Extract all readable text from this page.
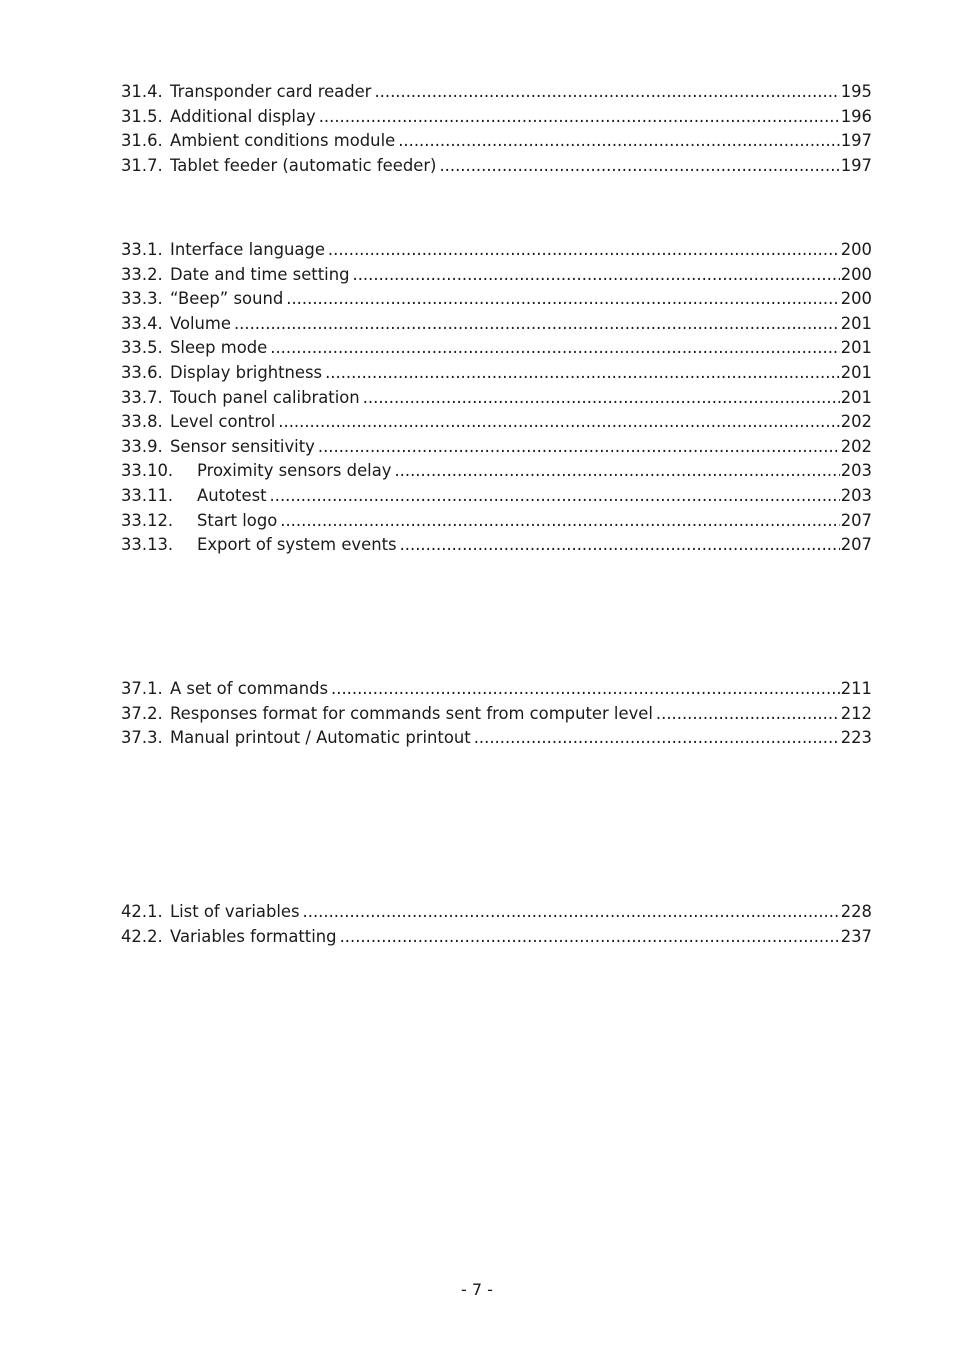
31.4. Transponder card reader .....	195
31.5. Additional display .....	196
31.6. Ambient conditions module .....	197
31.7. Tablet feeder (automatic feeder) .....	197
33.1. Interface language .....	200
33.2. Date and time setting .....	200
33.3. “Beep” sound .....	200
33.4. Volume .....	201
33.5. Sleep mode .....	201
33.6. Display brightness .....	201
33.7. Touch panel calibration .....	201
33.8. Level control .....	202
33.9. Sensor sensitivity .....	202
33.10.	Proximity sensors delay .....	203
33.11.	Autotest .....	203
33.12.	Start logo .....	207
33.13.	Export of system events .....	207
37.1. A set of commands .....	211
37.2. Responses format for commands sent from computer level .....	212
37.3. Manual printout / Automatic printout .....	223
42.1. List of variables .....	228
42.2. Variables formatting .....	237
- 7 -
